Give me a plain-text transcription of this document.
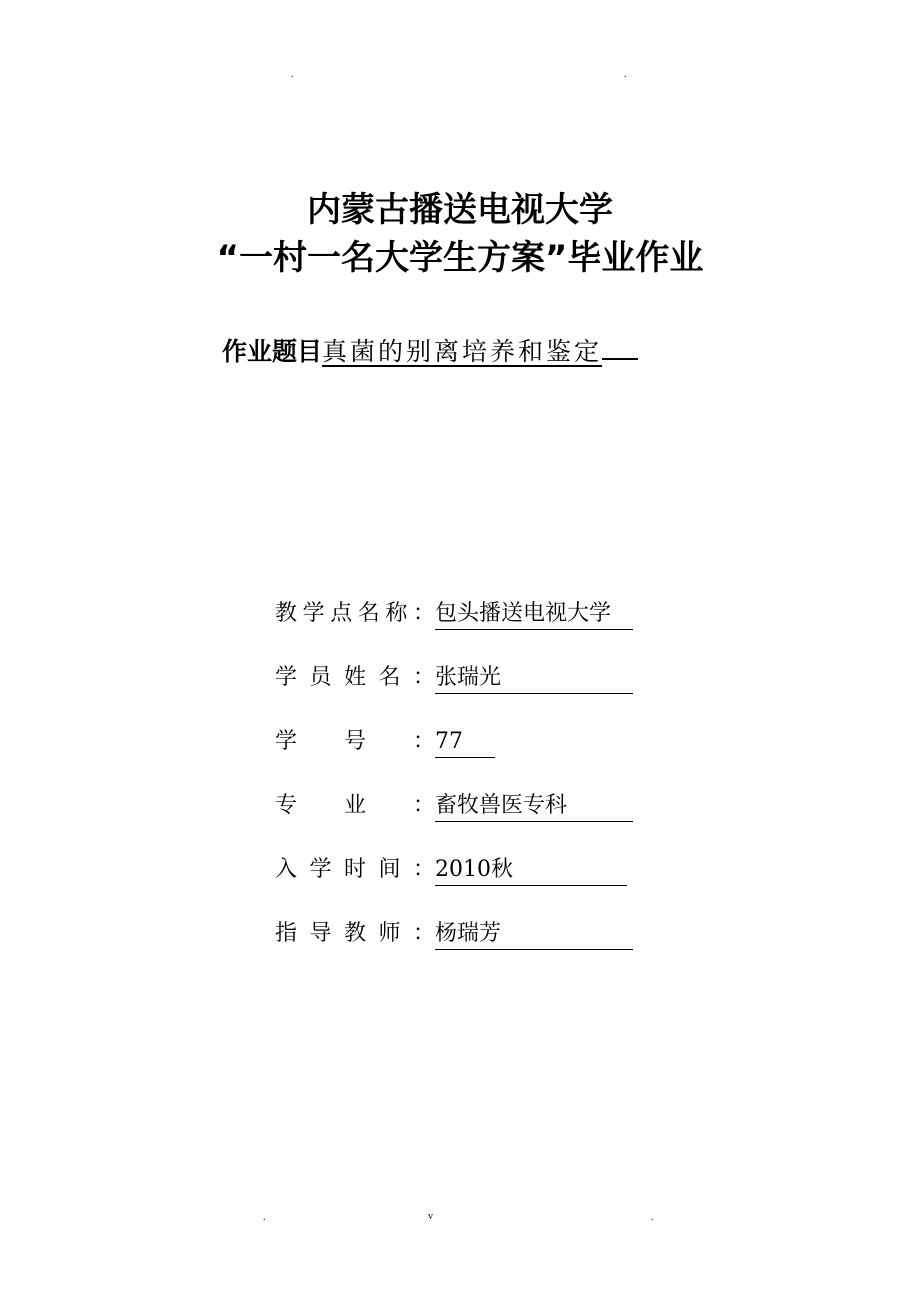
.	.
内蒙古播送电视大学
“一村一名大学生方案”毕业作业
作业题目真菌的别离培养和鉴定
教 学 点 名 称 ： 包头播送电视大学
学 员 姓 名 ： 张瑞光
学 号 ： 77
专 业 ： 畜牧兽医专科
入 学 时 间 ： 2010秋
指 导 教 师 ： 杨瑞芳
.	v	.
